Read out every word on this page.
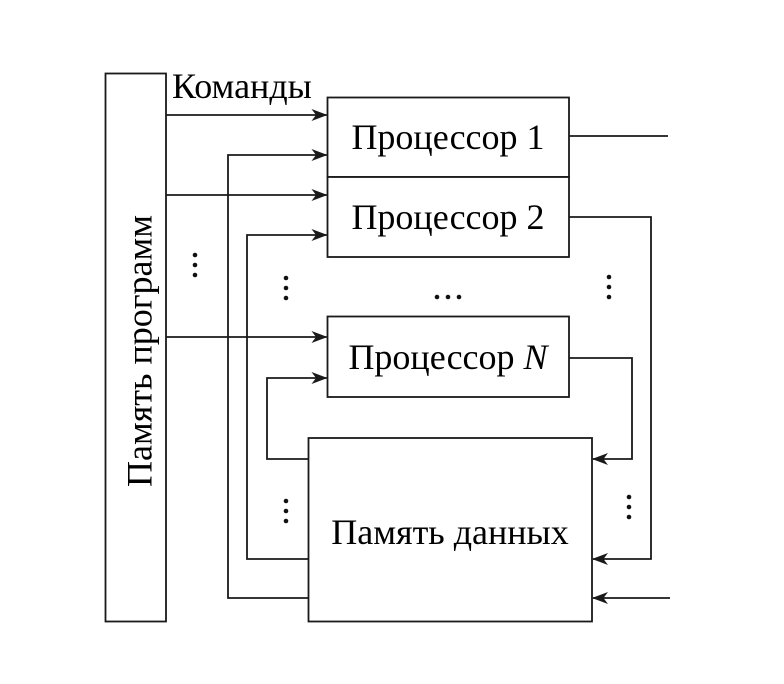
Команды
Память программ
Процессор 1
Процессор 2
Процессор N
Память данных
